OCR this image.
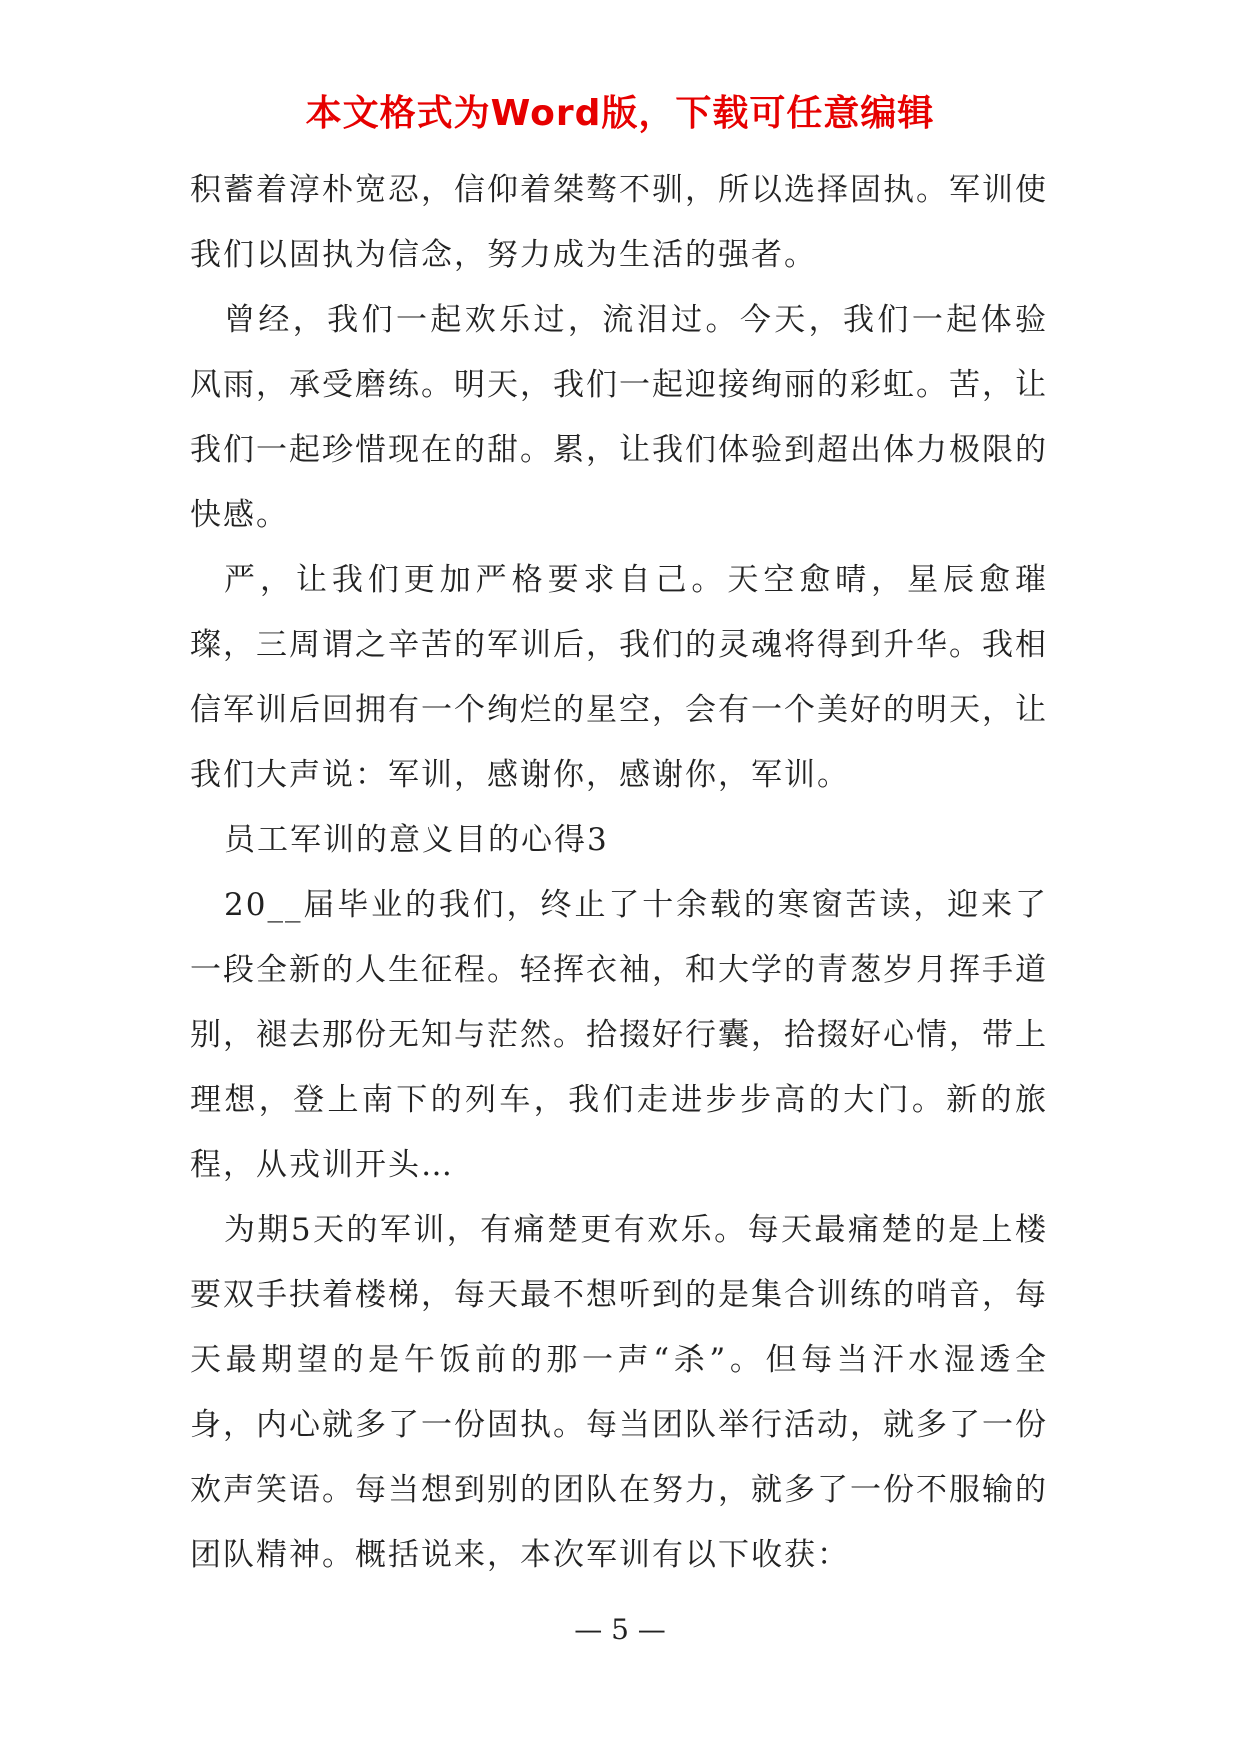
本文格式为Word版，下载可任意编辑

积蓄着淳朴宽忍，信仰着桀骜不驯，所以选择固执。军训使我们以固执为信念，努力成为生活的强者。

曾经，我们一起欢乐过，流泪过。今天，我们一起体验风雨，承受磨练。明天，我们一起迎接绚丽的彩虹。苦，让我们一起珍惜现在的甜。累，让我们体验到超出体力极限的快感。

严，让我们更加严格要求自己。天空愈晴，星辰愈璀璨，三周谓之辛苦的军训后，我们的灵魂将得到升华。我相信军训后回拥有一个绚烂的星空，会有一个美好的明天，让我们大声说：军训，感谢你，感谢你，军训。

员工军训的意义目的心得3

20__届毕业的我们，终止了十余载的寒窗苦读，迎来了一段全新的人生征程。轻挥衣袖，和大学的青葱岁月挥手道别，褪去那份无知与茫然。拾掇好行囊，拾掇好心情，带上理想，登上南下的列车，我们走进步步高的大门。新的旅程，从戎训开头…

为期5天的军训，有痛楚更有欢乐。每天最痛楚的是上楼要双手扶着楼梯，每天最不想听到的是集合训练的哨音，每天最期望的是午饭前的那一声“杀”。但每当汗水湿透全身，内心就多了一份固执。每当团队举行活动，就多了一份欢声笑语。每当想到别的团队在努力，就多了一份不服输的团队精神。概括说来，本次军训有以下收获：

— 5 —
